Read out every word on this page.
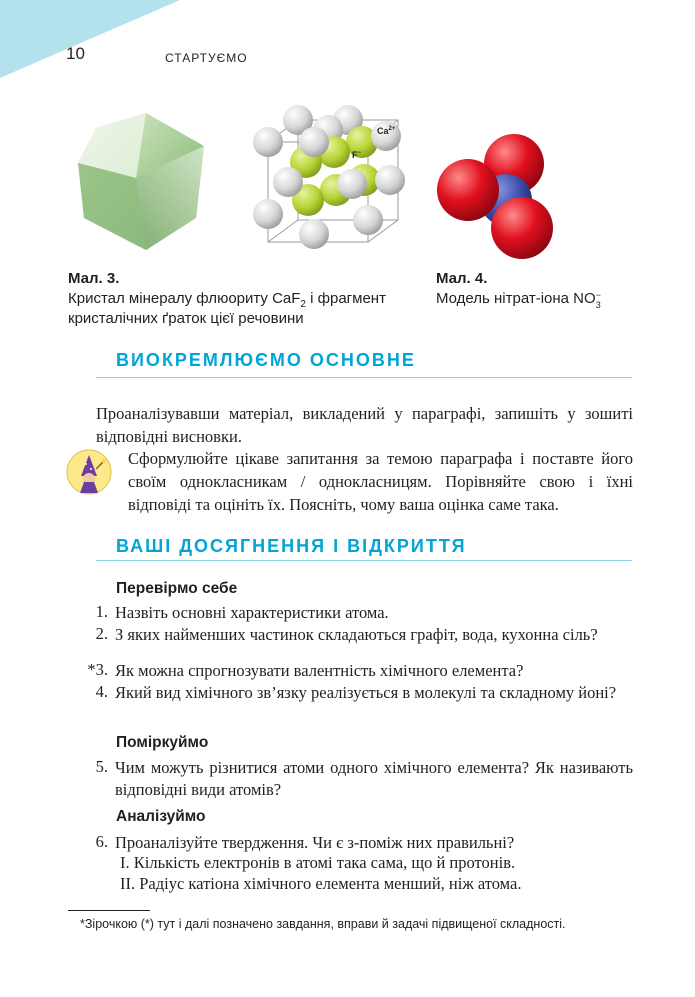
10	СТАРТУЄМО
$Ca^{2+}$
F−
Мал. 3.
Кристал мінералу флюориту CaF$_2$ і фрагмент
кристалічних ґраток цієї речовини
Мал. 4.
Модель нітрат-іона NO −
3
ВИОКРЕМЛЮЄМО ОСНОВНЕ
Проаналізувавши матеріал, викладений у параграфі, запишіть у зошиті відповідні висновки.
Сформулюйте цікаве запитання за темою параграфа і поставте його своїм однокласникам / однокласницям. Порівняйте свою і їхні відповіді та оцініть їх. Поясніть, чому ваша оцінка саме така.
ВАШІ ДОСЯГНЕННЯ І ВІДКРИТТЯ
Перевірмо себе
1. Назвіть основні характеристики атома.
2. З яких найменших частинок складаються графіт, вода, кухонна сіль?
*3. Як можна спрогнозувати валентність хімічного елемента?
4. Який вид хімічного зв’язку реалізується в молекулі та складному йоні?
Поміркуймо
5. Чим можуть різнитися атоми одного хімічного елемента? Як називають відповідні види атомів?
Аналізуймо
6. Проаналізуйте твердження. Чи є з-поміж них правильні?
I. Кількість електронів в атомі така сама, що й протонів.
II. Радіус катіона хімічного елемента менший, ніж атома.
*Зірочкою (*) тут і далі позначено завдання, вправи й задачі підвищеної складності.
